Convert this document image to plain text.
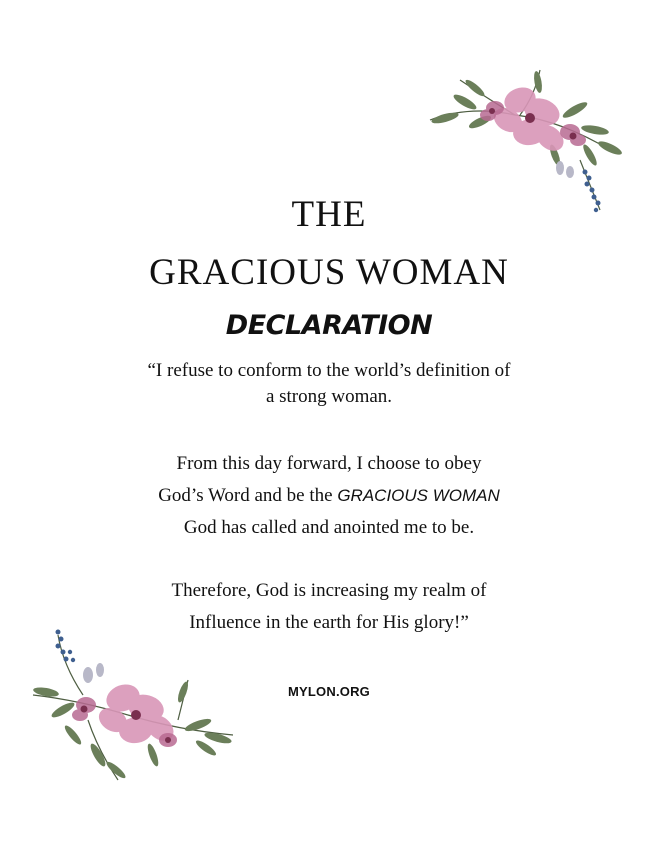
THE
GRACIOUS WOMAN
DECLARATION
“I refuse to conform to the world’s definition of
a strong woman.
From this day forward, I choose to obey
God’s Word and be the GRACIOUS WOMAN
God has called and anointed me to be.
Therefore, God is increasing my realm of
Influence in the earth for His glory!”
MYLON.ORG
